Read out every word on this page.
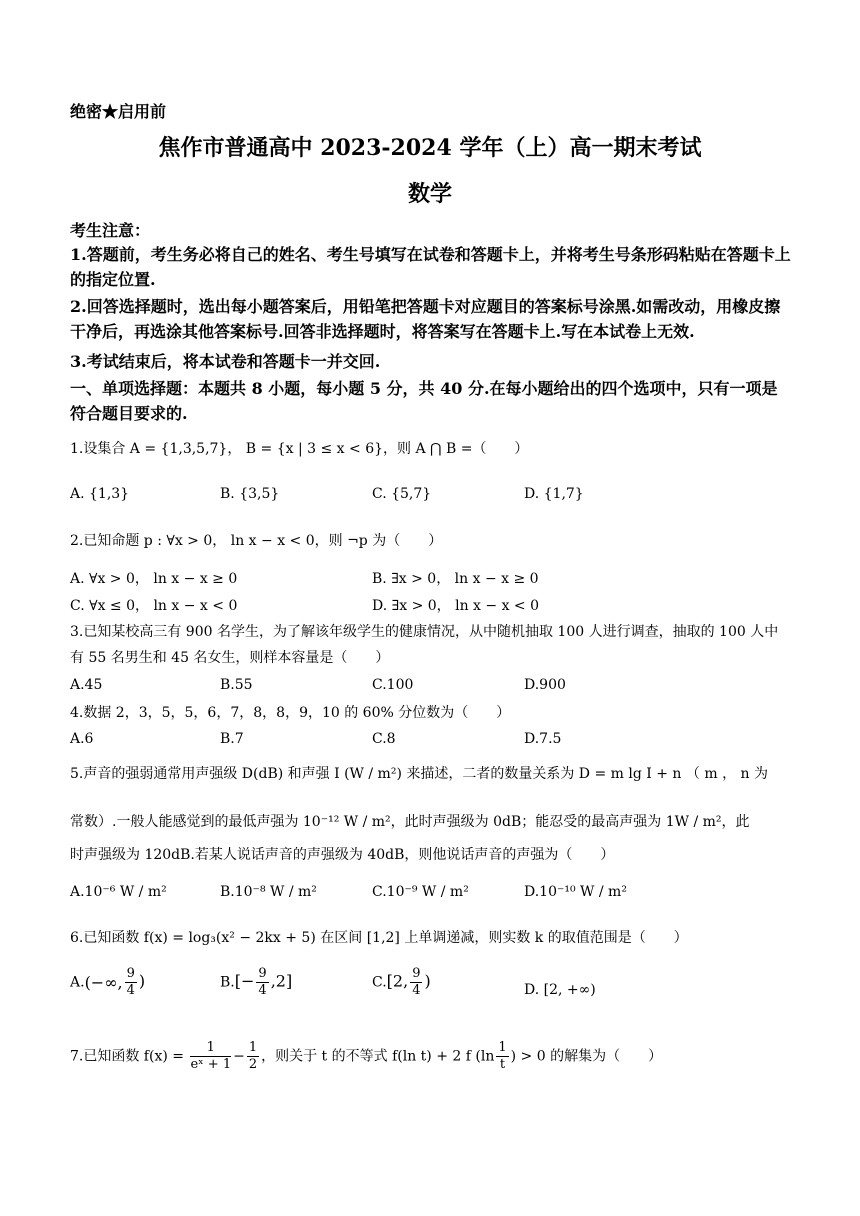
绝密★启用前
焦作市普通高中 2023-2024 学年（上）高一期末考试
数学
考生注意：
1.答题前，考生务必将自己的姓名、考生号填写在试卷和答题卡上，并将考生号条形码粘贴在答题卡上的指定位置.
2.回答选择题时，选出每小题答案后，用铅笔把答题卡对应题目的答案标号涂黑.如需改动，用橡皮擦干净后，再选涂其他答案标号.回答非选择题时，将答案写在答题卡上.写在本试卷上无效.
3.考试结束后，将本试卷和答题卡一并交回.
一、单项选择题：本题共 8 小题，每小题 5 分，共 40 分.在每小题给出的四个选项中，只有一项是符合题目要求的.
1.设集合 A = {1,3,5,7}， B = {x | 3 ≤ x < 6}，则 A ⋂ B =（　　）
A. {1,3}	B. {3,5}	C. {5,7}	D. {1,7}
2.已知命题 p : ∀x > 0， ln x − x < 0，则 ¬p 为（　　）
A. ∀x > 0， ln x − x ≥ 0	B. ∃x > 0， ln x − x ≥ 0
C. ∀x ≤ 0， ln x − x < 0	D. ∃x > 0， ln x − x < 0
3.已知某校高三有 900 名学生，为了解该年级学生的健康情况，从中随机抽取 100 人进行调查，抽取的 100 人中有 55 名男生和 45 名女生，则样本容量是（　　）
A.45	B.55	C.100	D.900
4.数据 2，3，5，5，6，7，8，8，9，10 的 60% 分位数为（　　）
A.6	B.7	C.8	D.7.5
5.声音的强弱通常用声强级 D(dB) 和声强 I (W / m²) 来描述，二者的数量关系为 D = m lg I + n （ m ， n 为
常数）.一般人能感觉到的最低声强为 10⁻¹² W / m²，此时声强级为 0dB；能忍受的最高声强为 1W / m²，此
时声强级为 120dB.若某人说话声音的声强级为 40dB，则他说话声音的声强为（　　）
A.10⁻⁶ W / m²	B.10⁻⁸ W / m²	C.10⁻⁹ W / m²	D.10⁻¹⁰ W / m²
6.已知函数 f(x) = log₃(x² − 2kx + 5) 在区间 [1,2] 上单调递减，则实数 k 的取值范围是（　　）
A.(−∞, $\frac{9}{4}$ )	$B.[- \frac{9}{4} ,2]$	C.[2, $\frac{9}{4}$ )	D. [2, +∞)
7.已知函数 $f(x) = \frac{1}{\text{eˣ + 1}} - \frac{1}{2}$ ，则关于 t 的不等式 f(ln t) + 2 f ($\ln \frac{1}{t}$ ) > 0 的解集为（　　）
